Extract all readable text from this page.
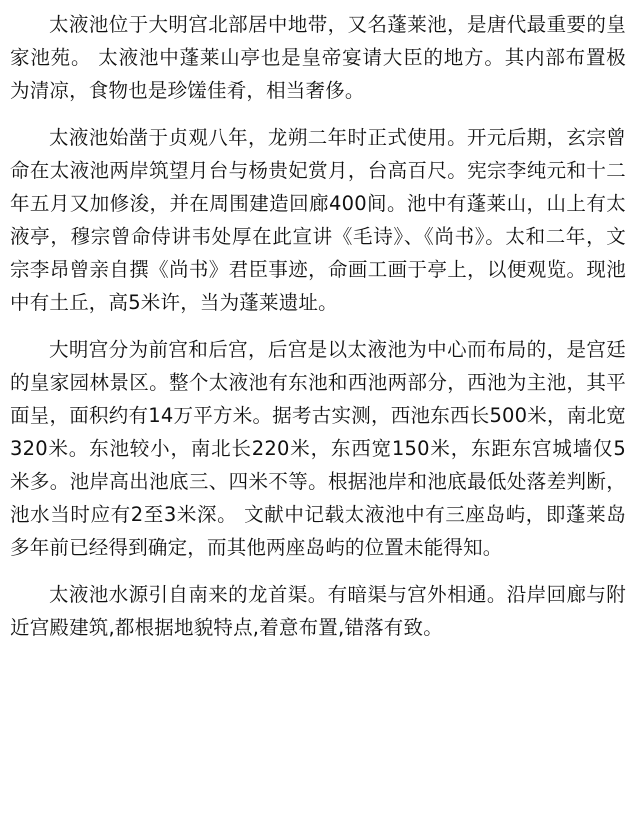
太液池位于大明宫北部居中地带，又名蓬莱池，是唐代最重要的皇家池苑。 太液池中蓬莱山亭也是皇帝宴请大臣的地方。其内部布置极为清凉，食物也是珍馐佳肴，相当奢侈。

太液池始凿于贞观八年，龙朔二年时正式使用。开元后期，玄宗曾命在太液池两岸筑望月台与杨贵妃赏月，台高百尺。宪宗李纯元和十二年五月又加修浚，并在周围建造回廊400间。池中有蓬莱山，山上有太液亭，穆宗曾命侍讲韦处厚在此宣讲《毛诗》、《尚书》。太和二年，文宗李昂曾亲自撰《尚书》君臣事迹，命画工画于亭上，以便观览。现池中有土丘，高5米许，当为蓬莱遗址。

大明宫分为前宫和后宫，后宫是以太液池为中心而布局的，是宫廷的皇家园林景区。整个太液池有东池和西池两部分，西池为主池，其平面呈，面积约有14万平方米。据考古实测，西池东西长500米，南北宽320米。东池较小，南北长220米，东西宽150米，东距东宫城墙仅5米多。池岸高出池底三、四米不等。根据池岸和池底最低处落差判断，池水当时应有2至3米深。 文献中记载太液池中有三座岛屿，即蓬莱岛多年前已经得到确定，而其他两座岛屿的位置未能得知。

太液池水源引自南来的龙首渠。有暗渠与宫外相通。沿岸回廊与附近宫殿建筑,都根据地貌特点,着意布置,错落有致。
